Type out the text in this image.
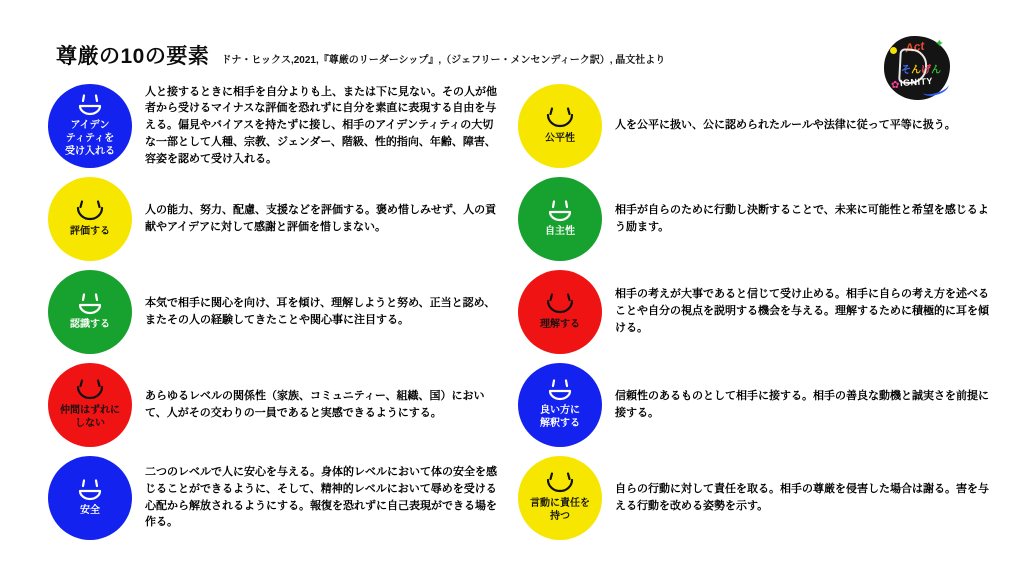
尊厳の10の要素 ドナ・ヒックス,2021,『尊厳のリーダーシップ』,（ジェフリー・メンセンディーク訳）, 晶文社より
✦
Act
そんげん
IGNITY
✿
アイデン
ティティを
受け入れる

人と接するときに相手を自分よりも上、または下に見ない。その人が他者から受けるマイナスな評価を恐れずに自分を素直に表現する自由を与える。偏見やバイアスを持たずに接し、相手のアイデンティティの大切な一部として人種、宗教、ジェンダー、階級、性的指向、年齢、障害、容姿を認めて受け入れる。

評価する

人の能力、努力、配慮、支援などを評価する。褒め惜しみせず、人の貢献やアイデアに対して感謝と評価を惜しまない。

認識する

本気で相手に関心を向け、耳を傾け、理解しようと努め、正当と認め、またその人の経験してきたことや関心事に注目する。

仲間はずれに
しない

あらゆるレベルの関係性（家族、コミュニティー、組織、国）において、人がその交わりの一員であると実感できるようにする。

安全

二つのレベルで人に安心を与える。身体的レベルにおいて体の安全を感じることができるように、そして、精神的レベルにおいて辱めを受ける心配から解放されるようにする。報復を恐れずに自己表現ができる場を作る。

公平性

人を公平に扱い、公に認められたルールや法律に従って平等に扱う。

自主性

相手が自らのために行動し決断することで、未来に可能性と希望を感じるよう励ます。

理解する

相手の考えが大事であると信じて受け止める。相手に自らの考え方を述べることや自分の視点を説明する機会を与える。理解するために積極的に耳を傾ける。

良い方に
解釈する

信頼性のあるものとして相手に接する。相手の善良な動機と誠実さを前提に接する。

言動に責任を
持つ

自らの行動に対して責任を取る。相手の尊厳を侵害した場合は謝る。害を与える行動を改める姿勢を示す。
